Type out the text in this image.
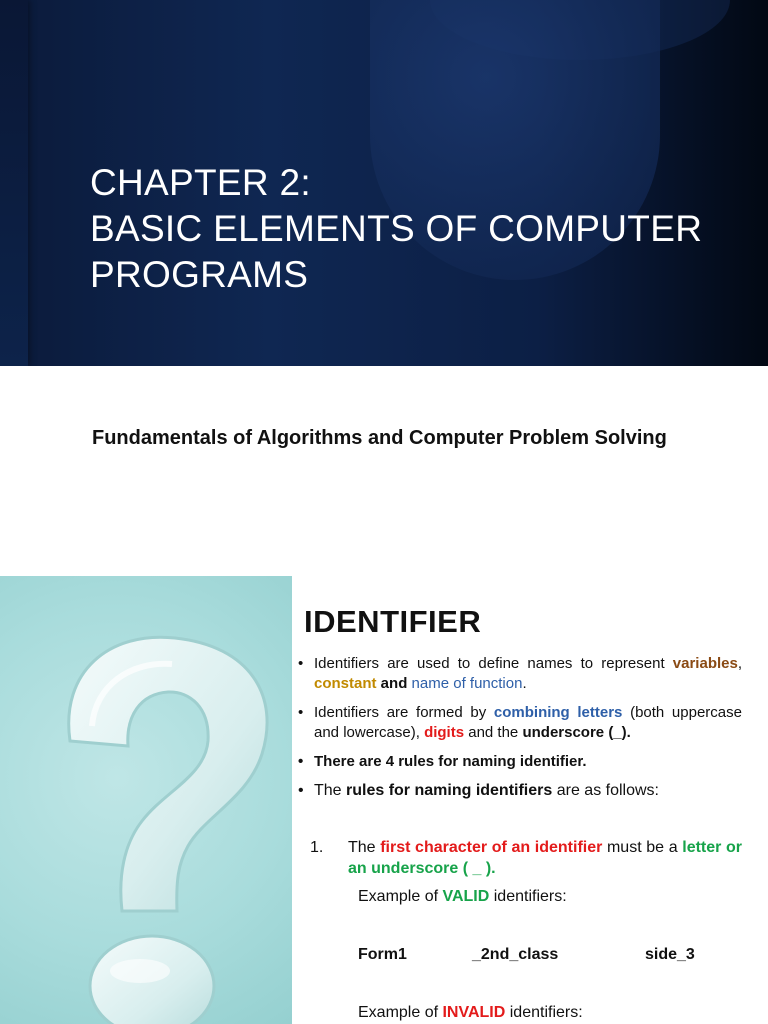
CHAPTER 2:
BASIC ELEMENTS OF COMPUTER
PROGRAMS
Fundamentals of Algorithms and Computer Problem Solving
IDENTIFIER
• Identifiers are used to define names to represent variables, constant and name of function.
• Identifiers are formed by combining letters (both uppercase and lowercase), digits and the underscore (_).
• There are 4 rules for naming identifier.
• The rules for naming identifiers are as follows:
1. The first character of an identifier must be a letter or an underscore ( _ ).
Example of VALID identifiers:
Form1	_2nd_class	side_3
Example of INVALID identifiers:
